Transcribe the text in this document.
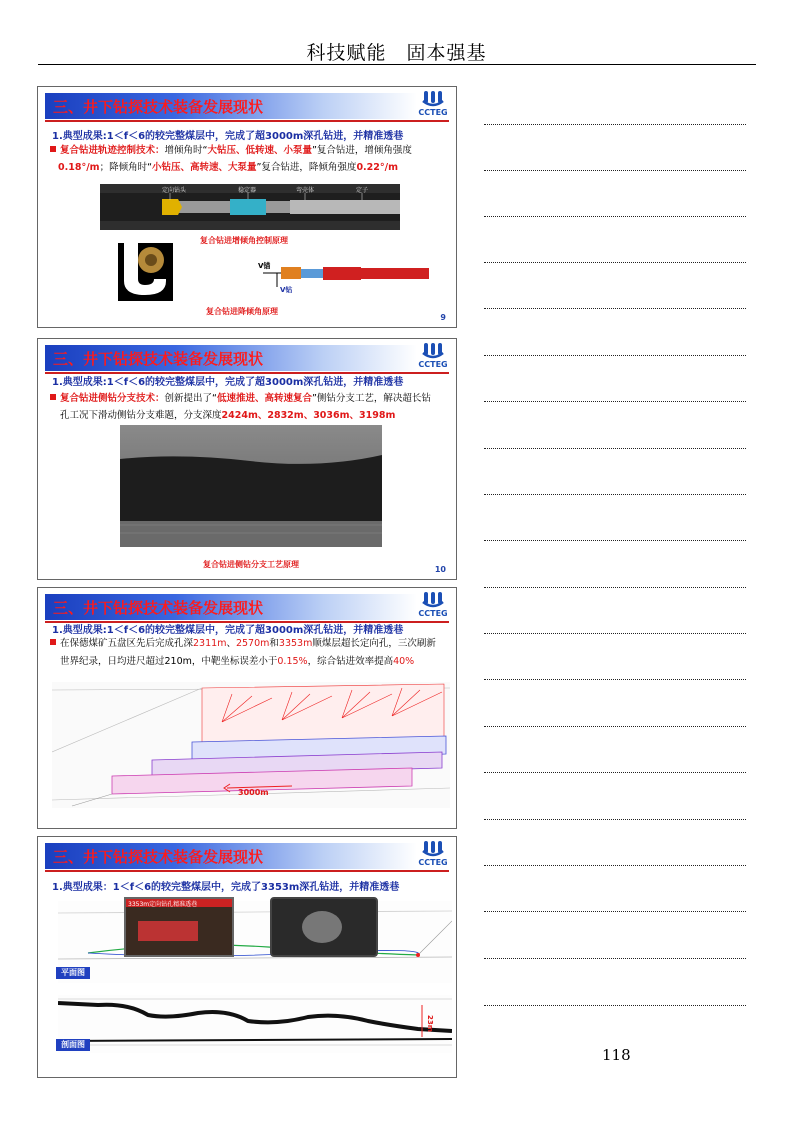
科技赋能　固本强基
三、井下钻探技术装备发展现状	CCTEG
1.典型成果:1＜f＜6的较完整煤层中，完成了超3000m深孔钻进，并精准透巷
复合钻进轨迹控制技术：增倾角时“大钻压、低转速、小泵量”复合钻进，增倾角强度
0.18°/m；降倾角时“小钻压、高转速、大泵量”复合钻进，降倾角强度0.22°/m
定向钻头	稳定器	弯壳体	定子
复合钻进增倾角控制原理
V锚
V钻
复合钻进降倾角原理
9
三、井下钻探技术装备发展现状	CCTEG
1.典型成果:1＜f＜6的较完整煤层中，完成了超3000m深孔钻进，并精准透巷
复合钻进侧钻分支技术：创新提出了“低速推进、高转速复合”侧钻分支工艺，解决超长钻
孔工况下滑动侧钻分支难题，分支深度2424m、2832m、3036m、3198m
复合钻进侧钻分支工艺原理
10
三、井下钻探技术装备发展现状	CCTEG
1.典型成果:1＜f＜6的较完整煤层中，完成了超3000m深孔钻进，并精准透巷
在保德煤矿五盘区先后完成孔深2311m、2570m和3353m顺煤层超长定向孔，三次刷新
世界纪录，日均进尺超过210m，中靶坐标误差小于0.15%，综合钻进效率提高40%
3000m
三、井下钻探技术装备发展现状	CCTEG
1.典型成果：1＜f＜6的较完整煤层中，完成了3353m深孔钻进，并精准透巷
3353m定向钻孔精准透巷
平面图
23m
剖面图
118
